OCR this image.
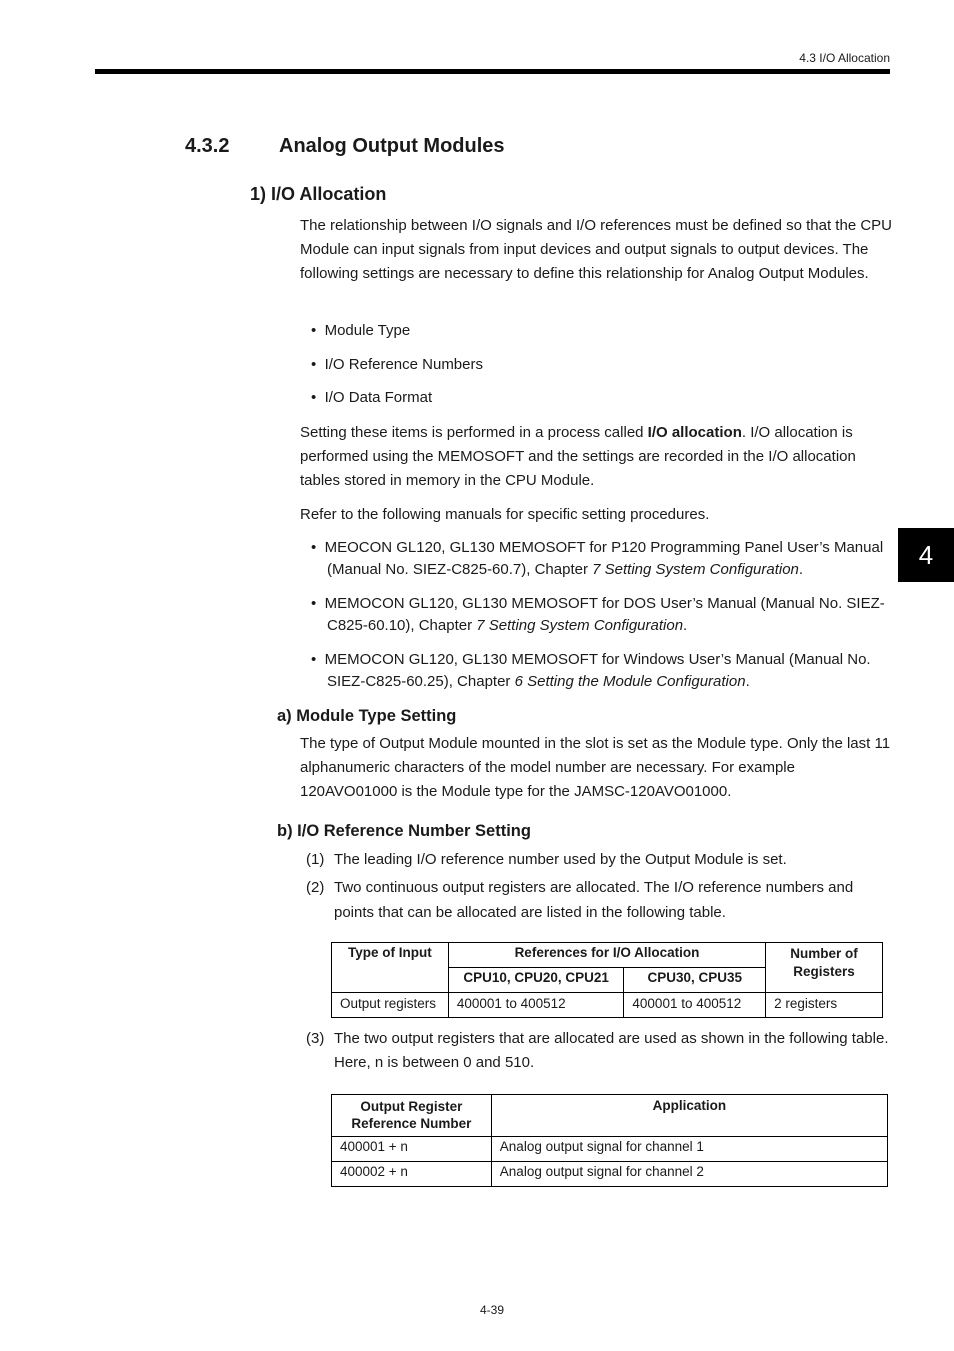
4.3 I/O Allocation
4
4.3.2 Analog Output Modules
1) I/O Allocation
The relationship between I/O signals and I/O references must be defined so that the CPU Module can input signals from input devices and output signals to output devices. The following settings are necessary to define this relationship for Analog Output Modules.
•  Module Type
•  I/O Reference Numbers
•  I/O Data Format
Setting these items is performed in a process called I/O allocation. I/O allocation is performed using the MEMOSOFT and the settings are recorded in the I/O allocation tables stored in memory in the CPU Module.
Refer to the following manuals for specific setting procedures.
•  MEOCON GL120, GL130 MEMOSOFT for P120 Programming Panel User’s Manual (Manual No. SIEZ-C825-60.7), Chapter 7 Setting System Configuration.
•  MEMOCON GL120, GL130 MEMOSOFT for DOS User’s Manual (Manual No. SIEZ-C825-60.10), Chapter 7 Setting System Configuration.
•  MEMOCON GL120, GL130 MEMOSOFT for Windows User’s Manual (Manual No. SIEZ-C825-60.25), Chapter 6 Setting the Module Configuration.
a) Module Type Setting
The type of Output Module mounted in the slot is set as the Module type. Only the last 11 alphanumeric characters of the model number are necessary. For example 120AVO01000 is the Module type for the JAMSC-120AVO01000.
b) I/O Reference Number Setting
(1) The leading I/O reference number used by the Output Module is set.
(2) Two continuous output registers are allocated. The I/O reference numbers and points that can be allocated are listed in the following table.
Type of Input	References for I/O Allocation		Number of Registers
	CPU10, CPU20, CPU21	CPU30, CPU35	
Output registers	400001 to 400512	400001 to 400512	2 registers
(3) The two output registers that are allocated are used as shown in the following table. Here, n is between 0 and 510.
Output Register Reference Number	Application
400001 + n	Analog output signal for channel 1
400002 + n	Analog output signal for channel 2
4-39
